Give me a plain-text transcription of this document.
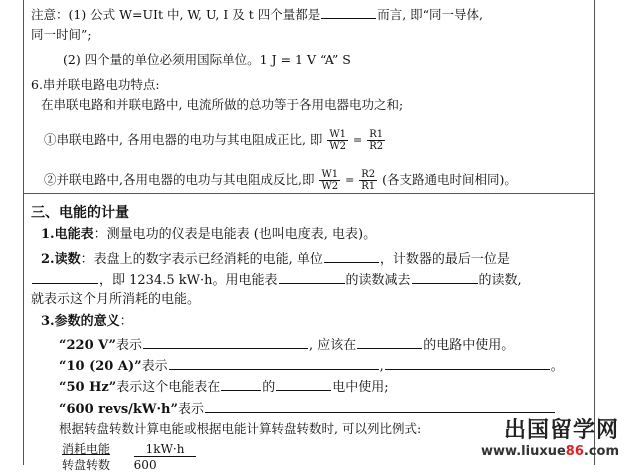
注意：(1) 公式 W=UIt 中, W, U, I 及 t 四个量都是	而言, 即“同一导体,
同一时间”;
(2) 四个量的单位必须用国际单位。1 J = 1 V “A” S
6.串并联电路电功特点:
在串联电路和并联电路中, 电流所做的总功等于各用电器电功之和;
①串联电路中, 各用电器的电功与其电阻成正比, 即 $\frac{W1}{W2} = \frac{R1}{R2}$
②并联电路中,各用电器的电功与其电阻成反比,即 $\frac{W1}{W2} = \frac{R2}{R1}$ (各支路通电时间相同)。
三、电能的计量
1.电能表：测量电功的仪表是电能表 (也叫电度表, 电表)。
2.读数：表盘上的数字表示已经消耗的电能, 单位	，计数器的最后一位是
，即 1234.5 kW·h。用电能表	的读数减去	的读数,
就表示这个月所消耗的电能。
3.参数的意义：
“220 V”表示	, 应该在	的电路中使用。
“10 (20 A)”表示	,	。
“50 Hz”表示这个电能表在	的	电中使用;
“600 revs/kW·h”表示
根据转盘转数计算电能或根据电能计算转盘转数时, 可以列比例式:
消耗电能	1kW·h
转盘转数 600
出国留学网
www.liuxue86.com
